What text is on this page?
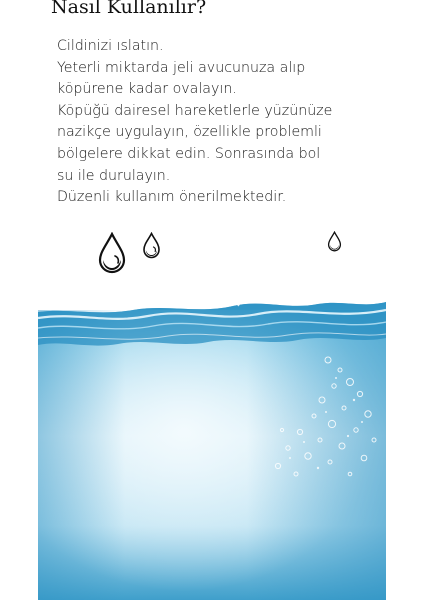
Nasıl Kullanılır?
Cildinizi ıslatın.
Yeterli miktarda jeli avucunuza alıp
köpürene kadar ovalayın.
Köpüğü dairesel hareketlerle yüzünüze
nazikçe uygulayın, özellikle problemli
bölgelere dikkat edin. Sonrasında bol
su ile durulayın.
Düzenli kullanım önerilmektedir.
